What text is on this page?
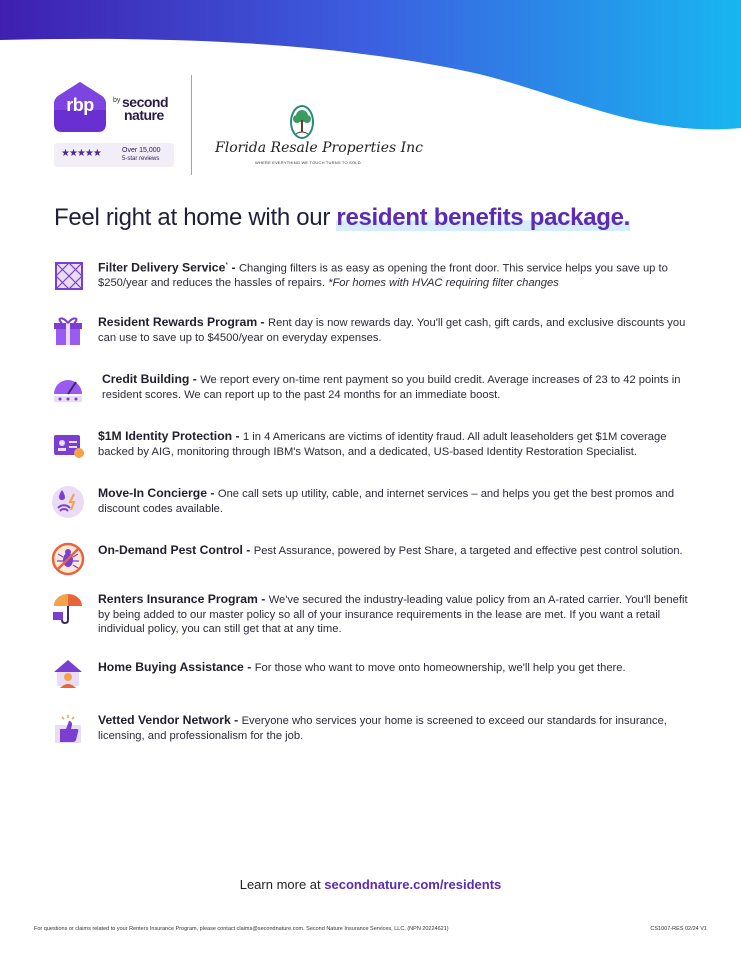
rbp	by second
nature
★★★★★	Over 15,000
5-star reviews
Florida Resale Properties Inc
WHERE EVERYTHING WE TOUCH TURNS TO SOLD
Feel right at home with our resident benefits package.
Filter Delivery Service* - Changing filters is as easy as opening the front door. This service helps you save up to $250/year and reduces the hassles of repairs. *For homes with HVAC requiring filter changes
Resident Rewards Program - Rent day is now rewards day. You'll get cash, gift cards, and exclusive discounts you can use to save up to $4500/year on everyday expenses.
Credit Building - We report every on-time rent payment so you build credit. Average increases of 23 to 42 points in resident scores. We can report up to the past 24 months for an immediate boost.
$1M Identity Protection - 1 in 4 Americans are victims of identity fraud. All adult leaseholders get $1M coverage backed by AIG, monitoring through IBM's Watson, and a dedicated, US-based Identity Restoration Specialist.
Move-In Concierge - One call sets up utility, cable, and internet services – and helps you get the best promos and discount codes available.
On-Demand Pest Control - Pest Assurance, powered by Pest Share, a targeted and effective pest control solution.
Renters Insurance Program - We've secured the industry-leading value policy from an A-rated carrier. You'll benefit by being added to our master policy so all of your insurance requirements in the lease are met. If you want a retail individual policy, you can still get that at any time.
Home Buying Assistance - For those who want to move onto homeownership, we'll help you get there.
Vetted Vendor Network - Everyone who services your home is screened to exceed our standards for insurance, licensing, and professionalism for the job.
Learn more at secondnature.com/residents
For questions or claims related to your Renters Insurance Program, please contact claims@secondnature.com. Second Nature Insurance Services, LLC. (NPN 20224621)	CS1007-RES 02/24 V1
